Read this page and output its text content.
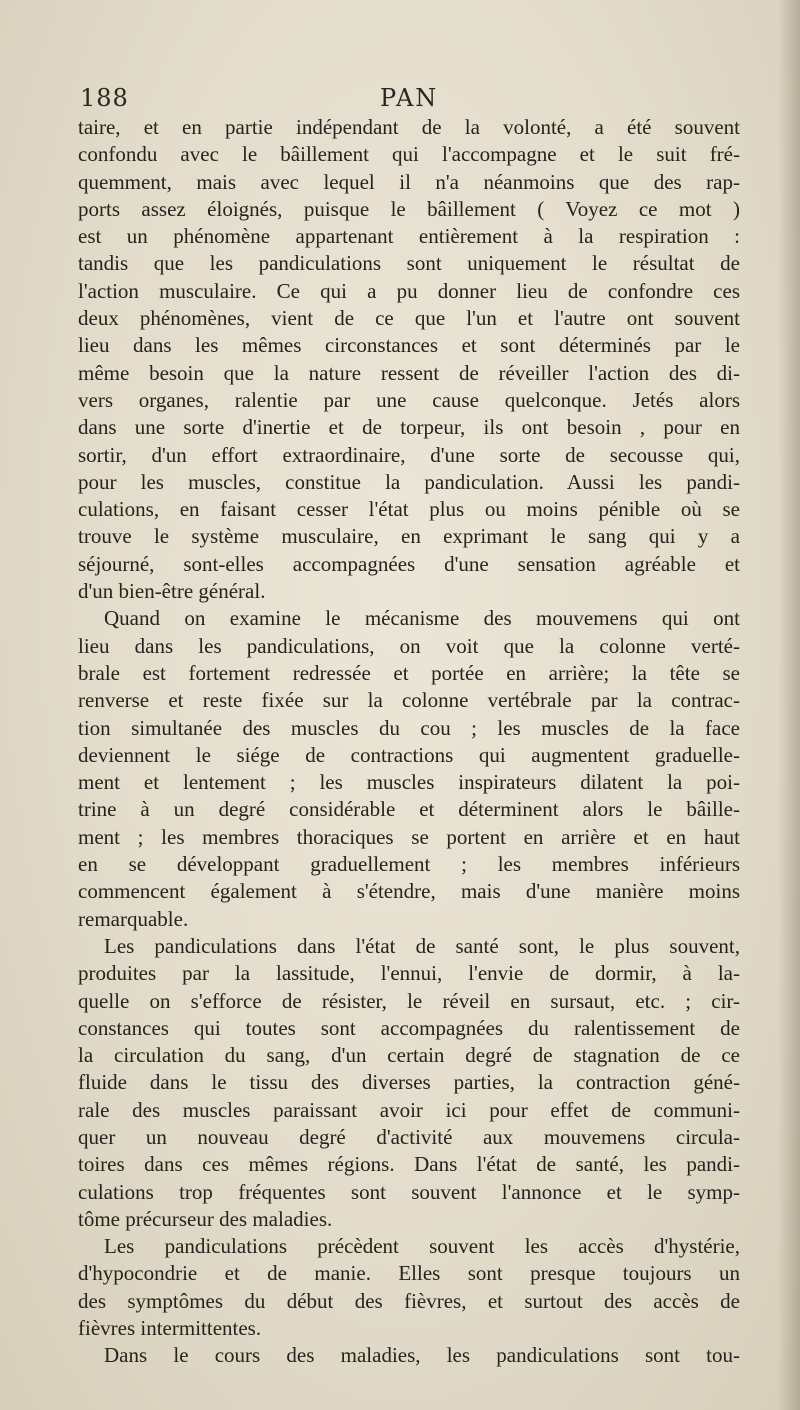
188	PAN
taire, et en partie indépendant de la volonté, a été souvent
confondu avec le bâillement qui l'accompagne et le suit fré-
quemment, mais avec lequel il n'a néanmoins que des rap-
ports assez éloignés, puisque le bâillement ( Voyez ce mot )
est un phénomène appartenant entièrement à la respiration :
tandis que les pandiculations sont uniquement le résultat de
l'action musculaire. Ce qui a pu donner lieu de confondre ces
deux phénomènes, vient de ce que l'un et l'autre ont souvent
lieu dans les mêmes circonstances et sont déterminés par le
même besoin que la nature ressent de réveiller l'action des di-
vers organes, ralentie par une cause quelconque. Jetés alors
dans une sorte d'inertie et de torpeur, ils ont besoin , pour en
sortir, d'un effort extraordinaire, d'une sorte de secousse qui,
pour les muscles, constitue la pandiculation. Aussi les pandi-
culations, en faisant cesser l'état plus ou moins pénible où se
trouve le système musculaire, en exprimant le sang qui y a
séjourné, sont-elles accompagnées d'une sensation agréable et
d'un bien-être général.
Quand on examine le mécanisme des mouvemens qui ont
lieu dans les pandiculations, on voit que la colonne verté-
brale est fortement redressée et portée en arrière; la tête se
renverse et reste fixée sur la colonne vertébrale par la contrac-
tion simultanée des muscles du cou ; les muscles de la face
deviennent le siége de contractions qui augmentent graduelle-
ment et lentement ; les muscles inspirateurs dilatent la poi-
trine à un degré considérable et déterminent alors le bâille-
ment ; les membres thoraciques se portent en arrière et en haut
en se développant graduellement ; les membres inférieurs
commencent également à s'étendre, mais d'une manière moins
remarquable.
Les pandiculations dans l'état de santé sont, le plus souvent,
produites par la lassitude, l'ennui, l'envie de dormir, à la-
quelle on s'efforce de résister, le réveil en sursaut, etc. ; cir-
constances qui toutes sont accompagnées du ralentissement de
la circulation du sang, d'un certain degré de stagnation de ce
fluide dans le tissu des diverses parties, la contraction géné-
rale des muscles paraissant avoir ici pour effet de communi-
quer un nouveau degré d'activité aux mouvemens circula-
toires dans ces mêmes régions. Dans l'état de santé, les pandi-
culations trop fréquentes sont souvent l'annonce et le symp-
tôme précurseur des maladies.
Les pandiculations précèdent souvent les accès d'hystérie,
d'hypocondrie et de manie. Elles sont presque toujours un
des symptômes du début des fièvres, et surtout des accès de
fièvres intermittentes.
Dans le cours des maladies, les pandiculations sont tou-
